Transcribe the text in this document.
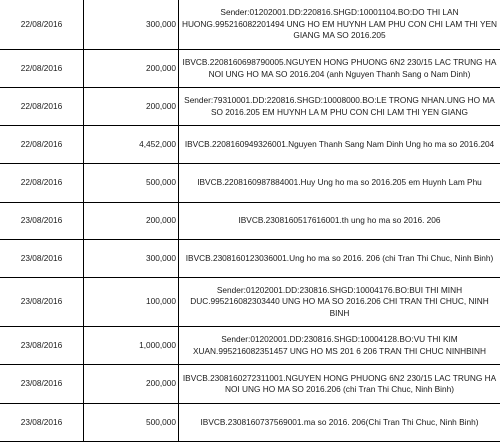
22/08/2016	300,000	Sender:01202001.DD:220816.SHGD:10001104.BO:DO THI LAN HUONG.995216082201494 UNG HO EM HUYNH LAM PHU CON CHI LAM THI YEN GIANG MA SO 2016.205
22/08/2016	200,000	IBVCB.2208160698790005.NGUYEN HONG PHUONG 6N2 230/15 LAC TRUNG HA NOI UNG HO MA SO 2016.204 (anh Nguyen Thanh Sang o Nam Dinh)
22/08/2016	200,000	Sender:79310001.DD:220816.SHGD:10008000.BO:LE TRONG NHAN.UNG HO MA SO 2016.205 EM HUYNH LA M PHU CON CHI LAM THI YEN GIANG
22/08/2016	4,452,000	IBVCB.2208160949326001.Nguyen Thanh Sang Nam Dinh Ung ho ma so 2016.204
22/08/2016	500,000	IBVCB.2208160987884001.Huy Ung ho ma so 2016.205 em Huynh Lam Phu
23/08/2016	200,000	IBVCB.2308160517616001.th ung ho ma so 2016. 206
23/08/2016	300,000	IBVCB.2308160123036001.Ung ho ma so 2016. 206 (chi Tran Thi Chuc, Ninh Binh)
23/08/2016	100,000	Sender:01202001.DD:230816.SHGD:10004176.BO:BUI THI MINH DUC.995216082303440 UNG HO MA SO 2016.206 CHI TRAN THI CHUC, NINH BINH
23/08/2016	1,000,000	Sender:01202001.DD:230816.SHGD:10004128.BO:VU THI KIM XUAN.995216082351457 UNG HO MS 201 6 206 TRAN THI CHUC NINHBINH
23/08/2016	200,000	IBVCB.2308160272311001.NGUYEN HONG PHUONG 6N2 230/15 LAC TRUNG HA NOI UNG HO MA SO 2016.206 (chi Tran Thi Chuc, Ninh Binh)
23/08/2016	500,000	IBVCB.2308160737569001.ma so 2016. 206(Chi Tran Thi Chuc, Ninh Binh)
